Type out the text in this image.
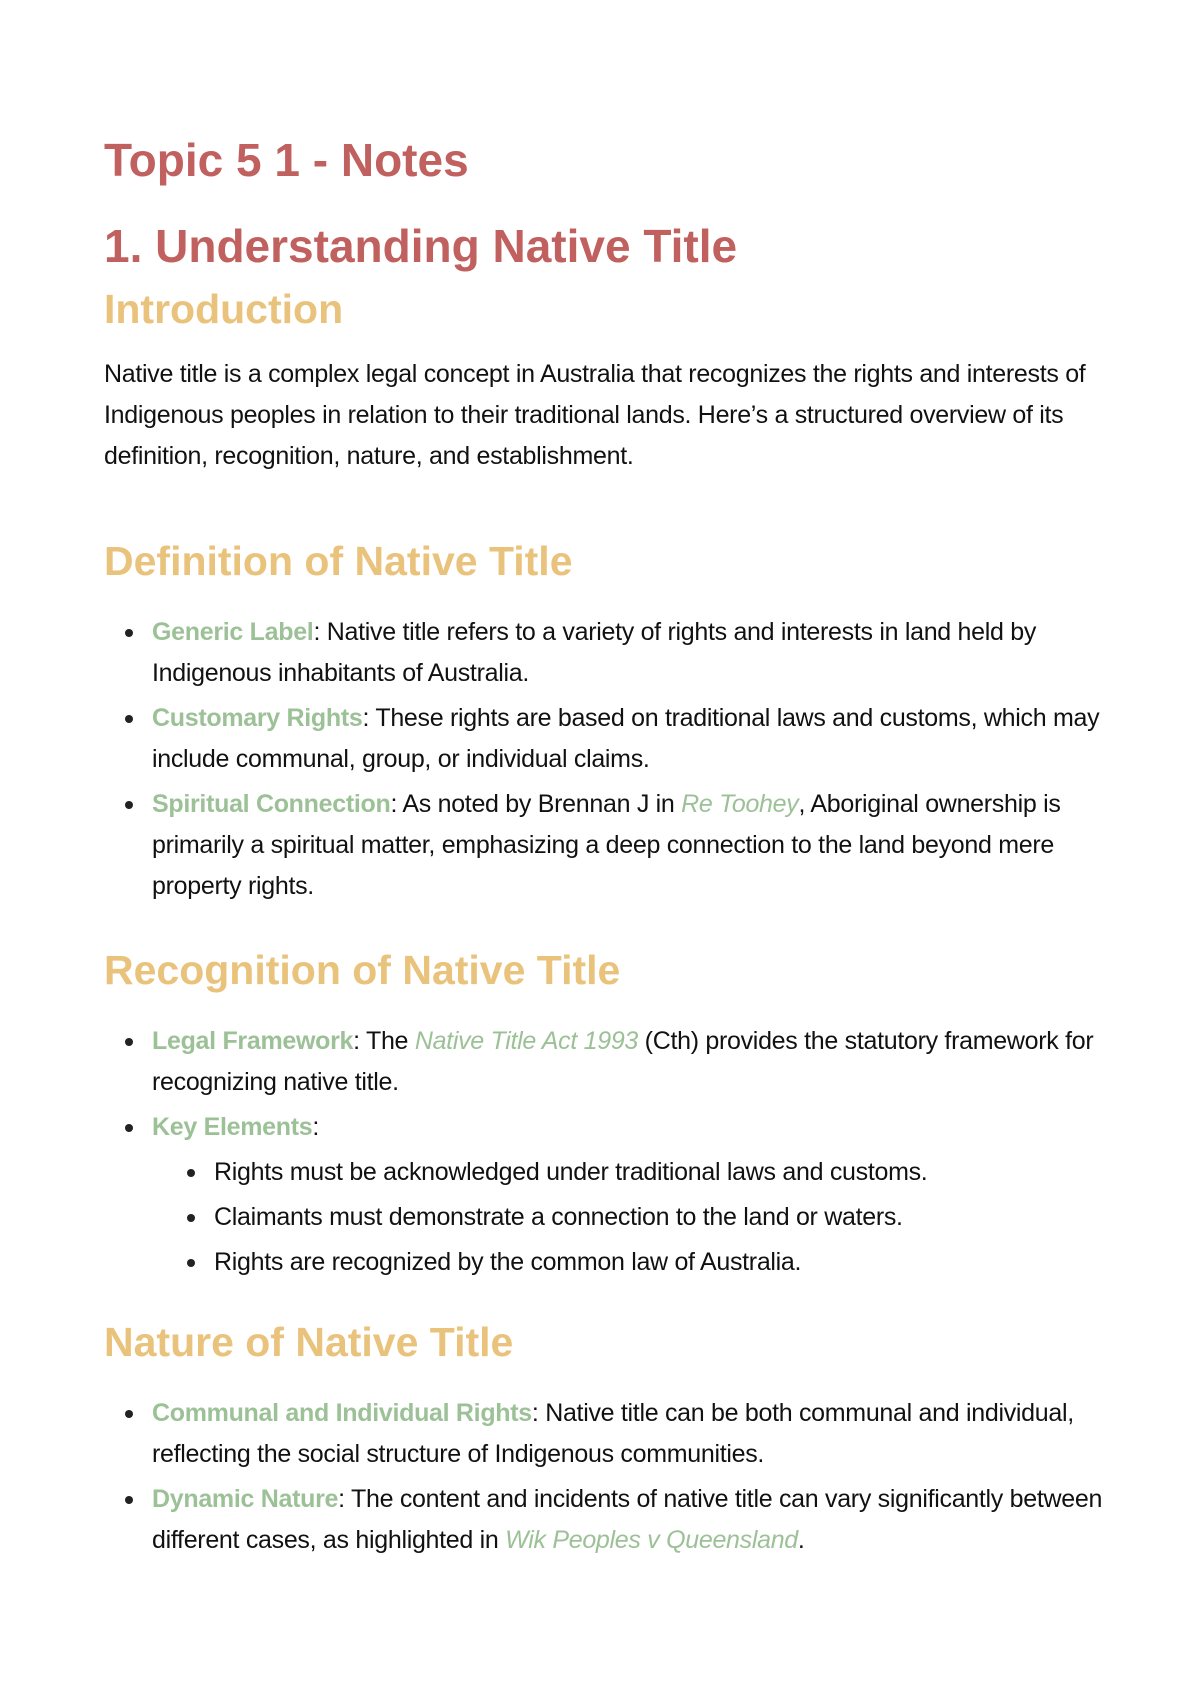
Topic 5 1 - Notes
1. Understanding Native Title
Introduction

Native title is a complex legal concept in Australia that recognizes the rights and interests of Indigenous peoples in relation to their traditional lands. Here’s a structured overview of its definition, recognition, nature, and establishment.

Definition of Native Title
Generic Label: Native title refers to a variety of rights and interests in land held by Indigenous inhabitants of Australia.
Customary Rights: These rights are based on traditional laws and customs, which may include communal, group, or individual claims.
Spiritual Connection: As noted by Brennan J in Re Toohey, Aboriginal ownership is primarily a spiritual matter, emphasizing a deep connection to the land beyond mere property rights.
Recognition of Native Title
Legal Framework: The Native Title Act 1993 (Cth) provides the statutory framework for recognizing native title.
Key Elements:
Rights must be acknowledged under traditional laws and customs.
Claimants must demonstrate a connection to the land or waters.
Rights are recognized by the common law of Australia.
Nature of Native Title
Communal and Individual Rights: Native title can be both communal and individual, reflecting the social structure of Indigenous communities.
Dynamic Nature: The content and incidents of native title can vary significantly between different cases, as highlighted in Wik Peoples v Queensland.
